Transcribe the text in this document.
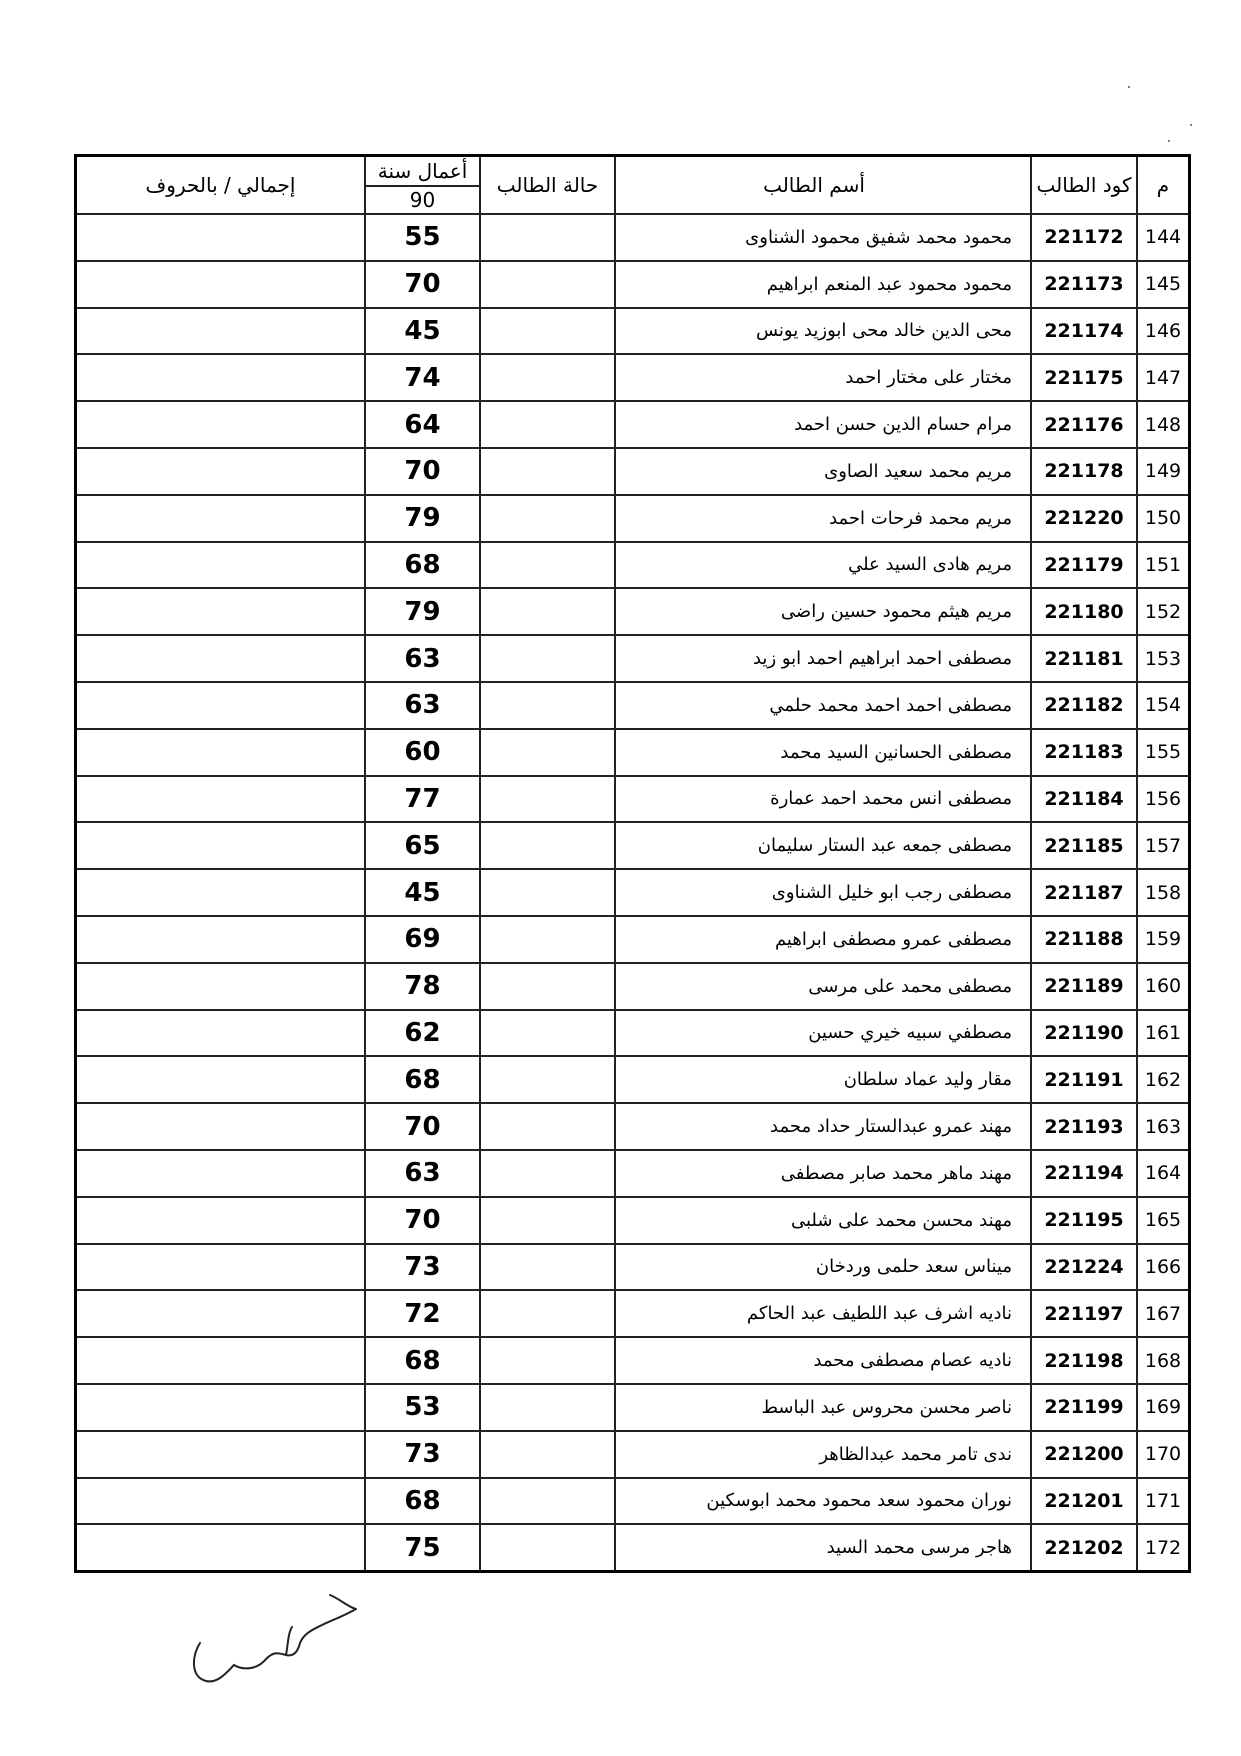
إجمالي / بالحروف	أعمال سنة	حالة الطالب	أسم الطالب	كود الطالب	م
	90				
	55		محمود محمد شفيق محمود الشناوى	221172	144
	70		محمود محمود عبد المنعم ابراهيم	221173	145
	45		محى الدين خالد محى ابوزيد يونس	221174	146
	74		مختار على مختار احمد	221175	147
	64		مرام حسام الدين حسن احمد	221176	148
	70		مريم محمد سعيد الصاوى	221178	149
	79		مريم محمد فرحات احمد	221220	150
	68		مريم هادى السيد علي	221179	151
	79		مريم هيثم محمود حسين راضى	221180	152
	63		مصطفى احمد ابراهيم احمد ابو زيد	221181	153
	63		مصطفى احمد احمد محمد حلمي	221182	154
	60		مصطفى الحسانين السيد محمد	221183	155
	77		مصطفى انس محمد احمد عمارة	221184	156
	65		مصطفى جمعه عبد الستار سليمان	221185	157
	45		مصطفى رجب ابو خليل الشناوى	221187	158
	69		مصطفى عمرو مصطفى ابراهيم	221188	159
	78		مصطفى محمد على مرسى	221189	160
	62		مصطفي سبيه خيري حسين	221190	161
	68		مقار وليد عماد سلطان	221191	162
	70		مهند عمرو عبدالستار حداد محمد	221193	163
	63		مهند ماهر محمد صابر مصطفى	221194	164
	70		مهند محسن محمد على شلبى	221195	165
	73		ميناس سعد حلمى وردخان	221224	166
	72		ناديه اشرف عبد اللطيف عبد الحاكم	221197	167
	68		ناديه عصام مصطفى محمد	221198	168
	53		ناصر محسن محروس عبد الباسط	221199	169
	73		ندى تامر محمد عبدالظاهر	221200	170
	68		نوران محمود سعد محمود محمد ابوسكين	221201	171
	75		هاجر مرسى محمد السيد	221202	172
